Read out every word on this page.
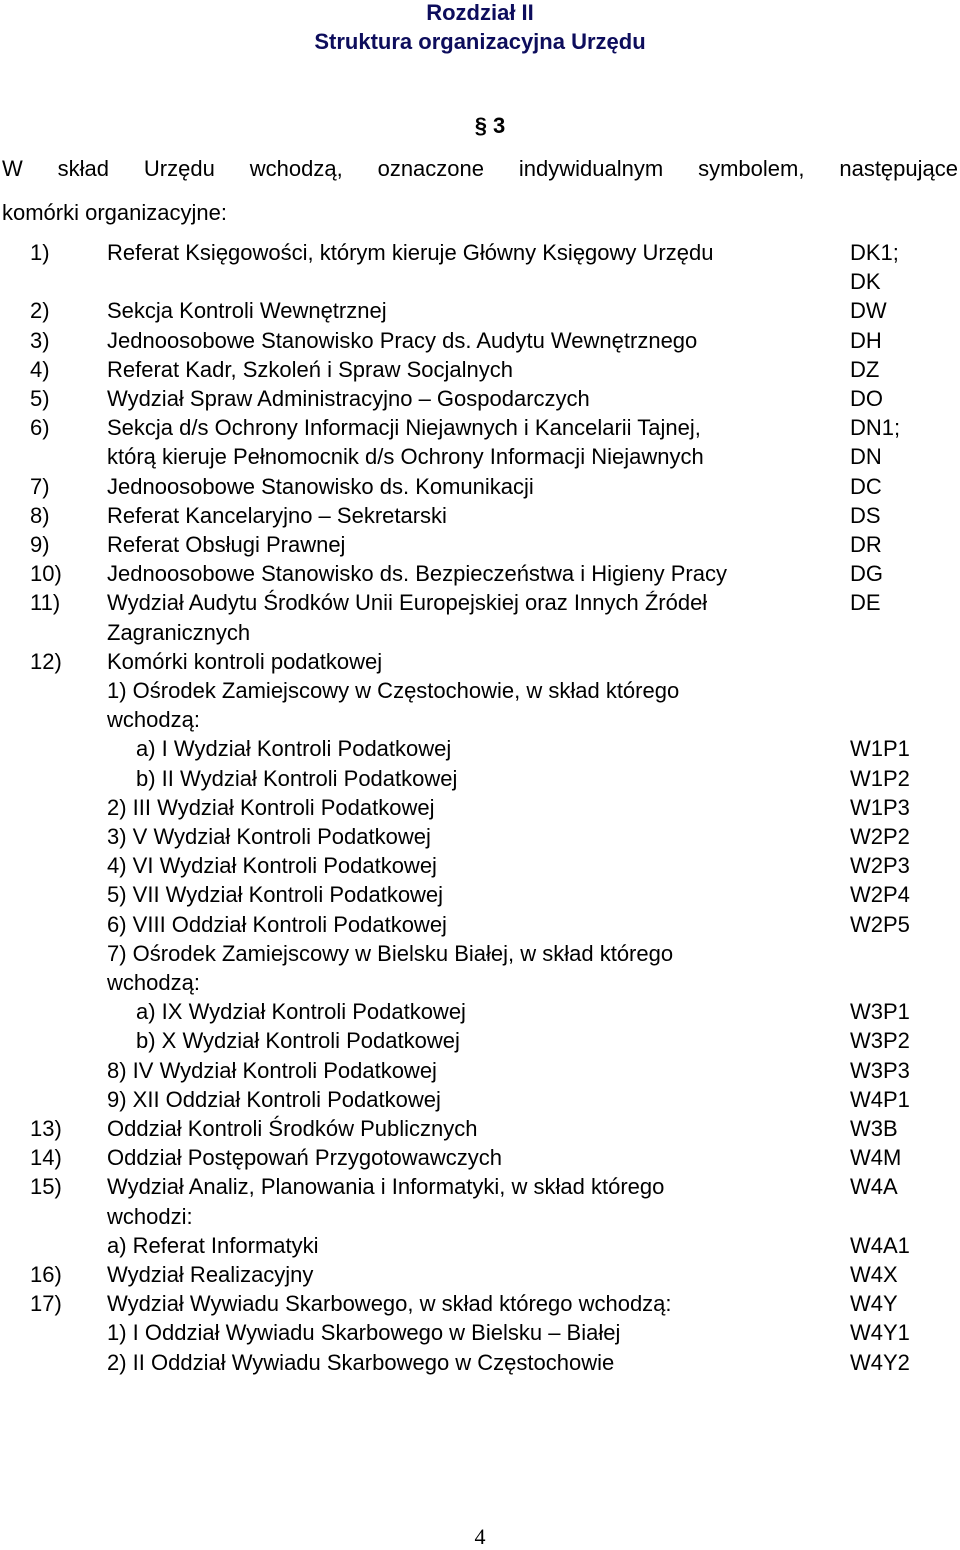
Rozdział II
Struktura organizacyjna Urzędu
§ 3
W skład Urzędu wchodzą, oznaczone indywidualnym symbolem, następujące
komórki organizacyjne:
1)	Referat Księgowości, którym kieruje Główny Księgowy Urzędu	DK1;
DK
2)	Sekcja Kontroli Wewnętrznej	DW
3)	Jednoosobowe Stanowisko Pracy ds. Audytu Wewnętrznego	DH
4)	Referat Kadr, Szkoleń i Spraw Socjalnych	DZ
5)	Wydział Spraw Administracyjno – Gospodarczych	DO
6)	Sekcja d/s Ochrony Informacji Niejawnych i Kancelarii Tajnej,	DN1;
którą kieruje Pełnomocnik d/s Ochrony Informacji Niejawnych	DN
7)	Jednoosobowe Stanowisko ds. Komunikacji	DC
8)	Referat Kancelaryjno – Sekretarski	DS
9)	Referat Obsługi Prawnej	DR
10) Jednoosobowe Stanowisko ds. Bezpieczeństwa i Higieny Pracy	DG
11) Wydział Audytu Środków Unii Europejskiej oraz Innych Źródeł	DE
Zagranicznych
12) Komórki kontroli podatkowej
1) Ośrodek Zamiejscowy w Częstochowie, w skład którego
wchodzą:
a) I Wydział Kontroli Podatkowej	W1P1
b) II Wydział Kontroli Podatkowej	W1P2
2) III Wydział Kontroli Podatkowej	W1P3
3) V Wydział Kontroli Podatkowej	W2P2
4) VI Wydział Kontroli Podatkowej	W2P3
5) VII Wydział Kontroli Podatkowej	W2P4
6) VIII Oddział Kontroli Podatkowej	W2P5
7) Ośrodek Zamiejscowy w Bielsku Białej, w skład którego
wchodzą:
a) IX Wydział Kontroli Podatkowej	W3P1
b) X Wydział Kontroli Podatkowej	W3P2
8) IV Wydział Kontroli Podatkowej	W3P3
9) XII Oddział Kontroli Podatkowej	W4P1
13) Oddział Kontroli Środków Publicznych	W3B
14) Oddział Postępowań Przygotowawczych	W4M
15) Wydział Analiz, Planowania i Informatyki, w skład którego	W4A
wchodzi:
a) Referat Informatyki	W4A1
16) Wydział Realizacyjny	W4X
17) Wydział Wywiadu Skarbowego, w skład którego wchodzą:	W4Y
1) I Oddział Wywiadu Skarbowego w Bielsku – Białej	W4Y1
2) II Oddział Wywiadu Skarbowego w Częstochowie	W4Y2
4
